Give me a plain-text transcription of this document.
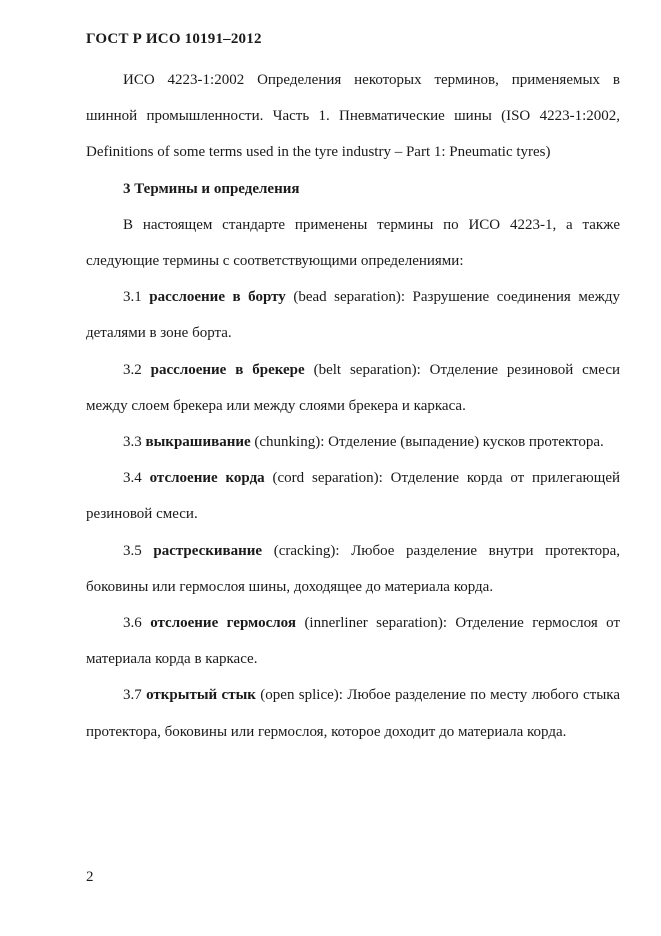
ГОСТ Р ИСО 10191–2012

ИСО 4223-1:2002 Определения некоторых терминов, применяемых в шинной промышленности. Часть 1. Пневматические шины (ISO 4223-1:2002, Definitions of some terms used in the tyre industry – Part 1: Pneumatic tyres)

3 Термины и определения

В настоящем стандарте применены термины по ИСО 4223-1, а также следующие термины с соответствующими определениями:

3.1 расслоение в борту (bead separation): Разрушение соединения между деталями в зоне борта.

3.2 расслоение в брекере (belt separation): Отделение резиновой смеси между слоем брекера или между слоями брекера и каркаса.

3.3 выкрашивание (chunking): Отделение (выпадение) кусков протектора.

3.4 отслоение корда (cord separation): Отделение корда от прилегающей резиновой смеси.

3.5 растрескивание (cracking): Любое разделение внутри протектора, боковины или гермослоя шины, доходящее до материала корда.

3.6 отслоение гермослоя (innerliner separation): Отделение гермослоя от материала корда в каркасе.

3.7 открытый стык (open splice): Любое разделение по месту любого стыка протектора, боковины или гермослоя, которое доходит до материала корда.

2
